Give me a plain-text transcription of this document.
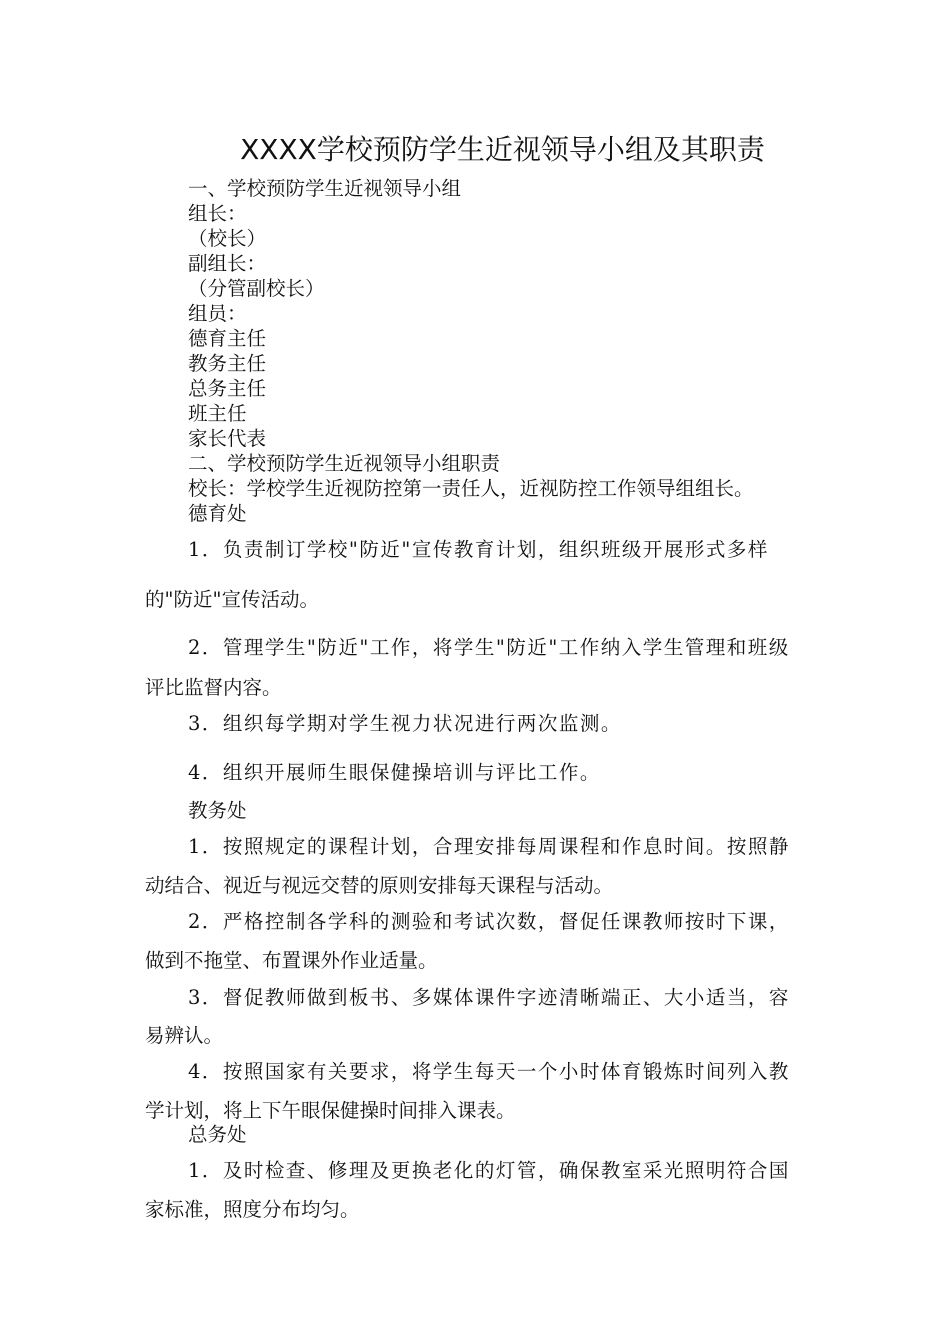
XXXX学校预防学生近视领导小组及其职责
一、学校预防学生近视领导小组
组长：
（校长）
副组长：
（分管副校长）
组员：
德育主任
教务主任
总务主任
班主任
家长代表
二、学校预防学生近视领导小组职责
校长：学校学生近视防控第一责任人，近视防控工作领导组组长。
德育处
1．负责制订学校"防近"宣传教育计划，组织班级开展形式多样
的"防近"宣传活动。
2．管理学生"防近"工作，将学生"防近"工作纳入学生管理和班级
评比监督内容。
3．组织每学期对学生视力状况进行两次监测。
4．组织开展师生眼保健操培训与评比工作。
教务处
1．按照规定的课程计划，合理安排每周课程和作息时间。按照静
动结合、视近与视远交替的原则安排每天课程与活动。
2．严格控制各学科的测验和考试次数，督促任课教师按时下课，
做到不拖堂、布置课外作业适量。
3．督促教师做到板书、多媒体课件字迹清晰端正、大小适当，容
易辨认。
4．按照国家有关要求，将学生每天一个小时体育锻炼时间列入教
学计划，将上下午眼保健操时间排入课表。
总务处
1．及时检查、修理及更换老化的灯管，确保教室采光照明符合国
家标准，照度分布均匀。
